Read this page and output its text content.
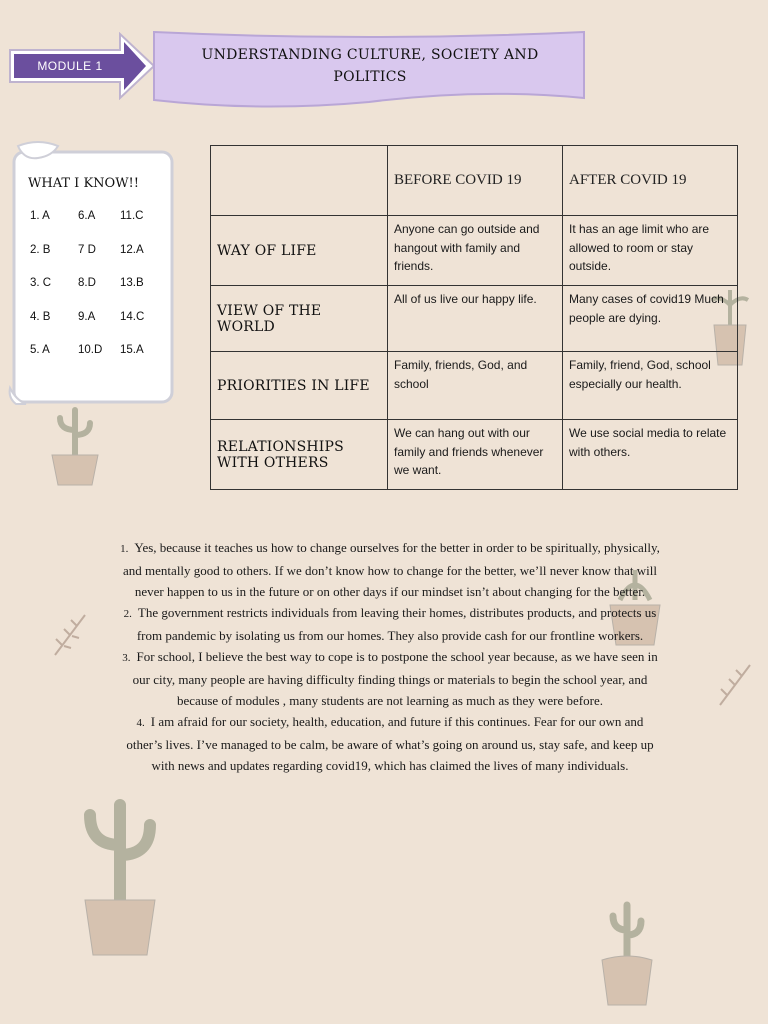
MODULE 1
UNDERSTANDING CULTURE, SOCIETY AND
POLITICS
WHAT I KNOW!!
1. A	6.A	11.C
2. B	7 D	12.A
3. C	8.D	13.B
4. B	9.A	14.C
5. A	10.D	15.A
	BEFORE COVID 19	AFTER COVID 19
WAY OF LIFE	Anyone can go outside and hangout with family and friends.	It has an age limit who are allowed to room or stay outside.
VIEW OF THE WORLD	All of us live our happy life.	Many cases of covid19 Much people are dying.
PRIORITIES IN LIFE	Family, friends, God, and school	Family, friend, God, school especially our health.
RELATIONSHIPS WITH OTHERS	We can hang out with our family and friends whenever we want.	We use social media to relate with others.

1. Yes, because it teaches us how to change ourselves for the better in order to be spiritually, physically, and mentally good to others. If we don’t know how to change for the better, we’ll never know that will never happen to us in the future or on other days if our mindset isn’t about changing for the better.

2. The government restricts individuals from leaving their homes, distributes products, and protects us from pandemic by isolating us from our homes. They also provide cash for our frontline workers.

3. For school, I believe the best way to cope is to postpone the school year because, as we have seen in our city, many people are having difficulty finding things or materials to begin the school year, and because of modules , many students are not learning as much as they were before.

4. I am afraid for our society, health, education, and future if this continues. Fear for our own and other’s lives. I’ve managed to be calm, be aware of what’s going on around us, stay safe, and keep up with news and updates regarding covid19, which has claimed the lives of many individuals.
